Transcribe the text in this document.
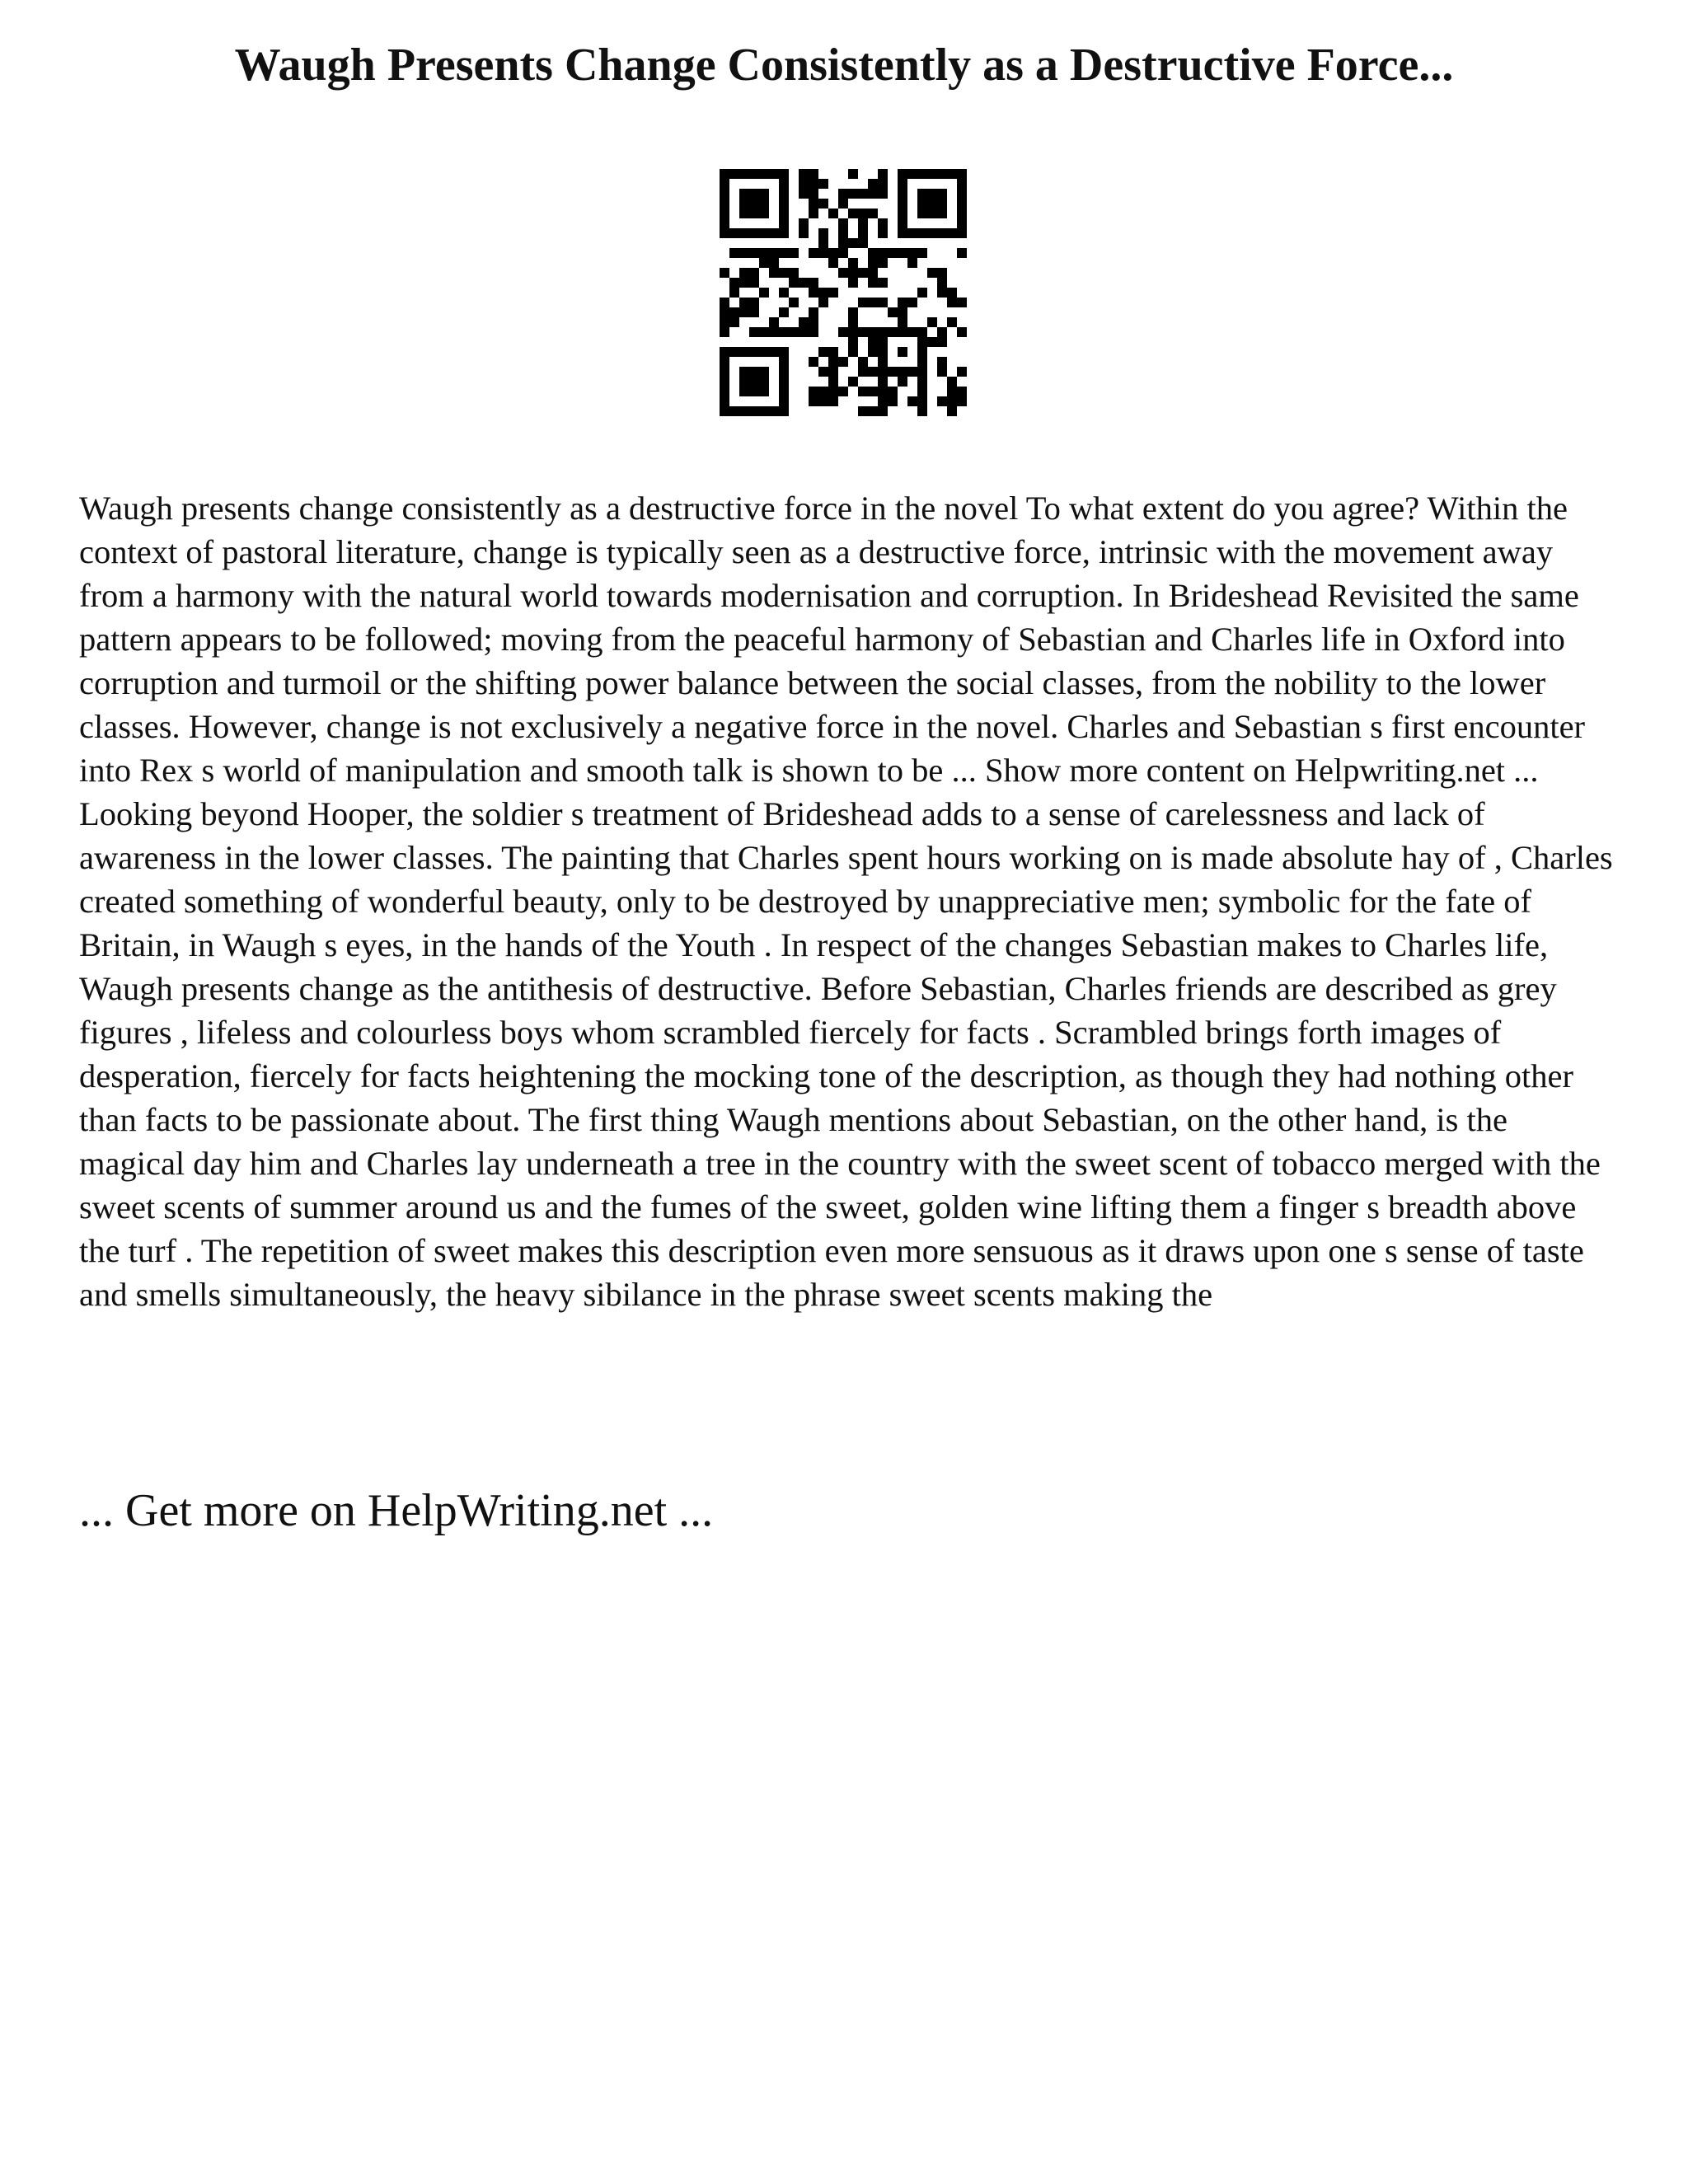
Waugh Presents Change Consistently as a Destructive Force...

Waugh presents change consistently as a destructive force in the novel To what extent do you agree? Within the context of pastoral literature, change is typically seen as a destructive force, intrinsic with the movement away from a harmony with the natural world towards modernisation and corruption. In Brideshead Revisited the same pattern appears to be followed; moving from the peaceful harmony of Sebastian and Charles life in Oxford into corruption and turmoil or the shifting power balance between the social classes, from the nobility to the lower classes. However, change is not exclusively a negative force in the novel. Charles and Sebastian s first encounter into Rex s world of manipulation and smooth talk is shown to be ... Show more content on Helpwriting.net ...

Looking beyond Hooper, the soldier s treatment of Brideshead adds to a sense of carelessness and lack of awareness in the lower classes. The painting that Charles spent hours working on is made absolute hay of , Charles created something of wonderful beauty, only to be destroyed by unappreciative men; symbolic for the fate of Britain, in Waugh s eyes, in the hands of the Youth . In respect of the changes Sebastian makes to Charles life, Waugh presents change as the antithesis of destructive. Before Sebastian, Charles friends are described as grey figures , lifeless and colourless boys whom scrambled fiercely for facts . Scrambled brings forth images of desperation, fiercely for facts heightening the mocking tone of the description, as though they had nothing other than facts to be passionate about. The first thing Waugh mentions about Sebastian, on the other hand, is the magical day him and Charles lay underneath a tree in the country with the sweet scent of tobacco merged with the sweet scents of summer around us and the fumes of the sweet, golden wine lifting them a finger s breadth above the turf . The repetition of sweet makes this description even more sensuous as it draws upon one s sense of taste and smells simultaneously, the heavy sibilance in the phrase sweet scents making the

... Get more on HelpWriting.net ...
